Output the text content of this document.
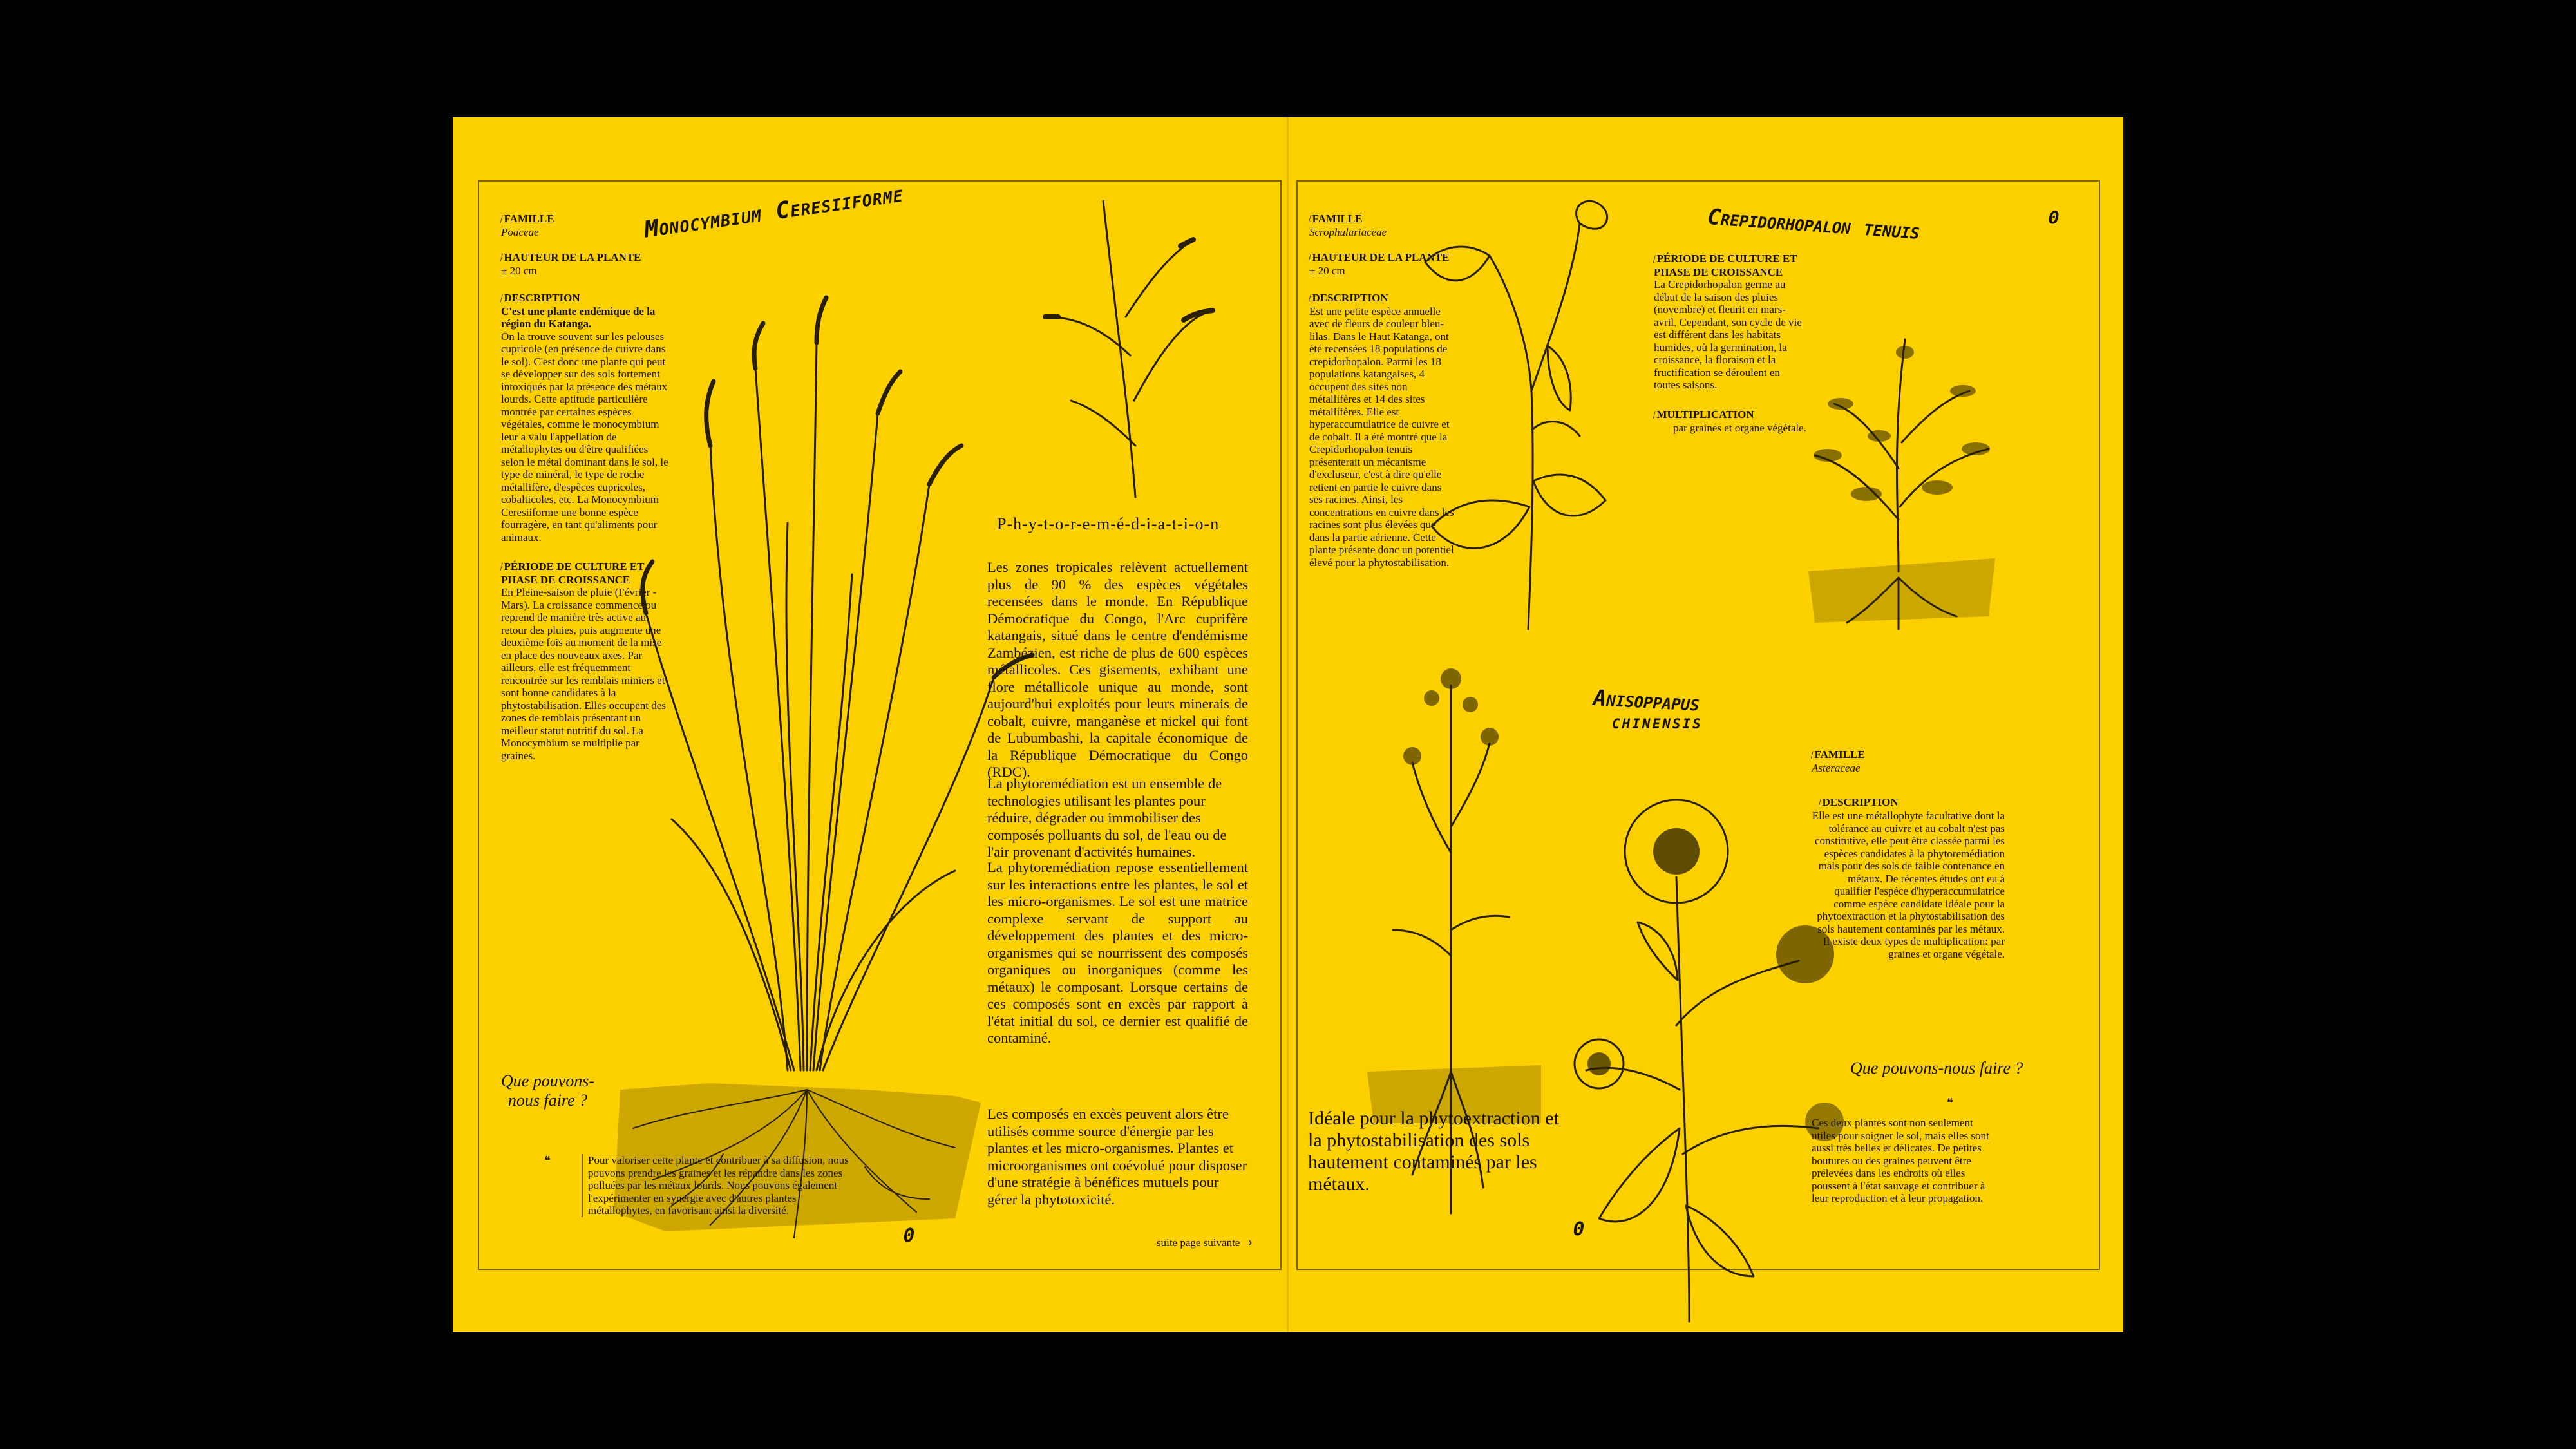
⁄FAMILLE
Poaceae
⁄HAUTEUR DE LA PLANTE
± 20 cm
⁄DESCRIPTION
C'est une plante endémique de la région du Katanga.
On la trouve souvent sur les pelouses cupricole (en présence de cuivre dans le sol). C'est donc une plante qui peut se développer sur des sols fortement intoxiqués par la présence des métaux lourds. Cette aptitude particulière montrée par certaines espèces végétales, comme le monocymbium leur a valu l'appellation de métallophytes ou d'être qualifiées selon le métal dominant dans le sol, le type de minéral, le type de roche métallifère, d'espèces cupricoles, cobalticoles, etc. La Monocymbium Ceresiiforme une bonne espèce fourragère, en tant qu'aliments pour animaux.
⁄PÉRIODE DE CULTURE ET PHASE DE CROISSANCE
En Pleine-saison de pluie (Février - Mars). La croissance commence ou reprend de manière très active au retour des pluies, puis augmente une deuxième fois au moment de la mise en place des nouveaux axes. Par ailleurs, elle est fréquemment rencontrée sur les remblais miniers et sont bonne candidates à la phytostabilisation. Elles occupent des zones de remblais présentant un meilleur statut nutritif du sol. La Monocymbium se multiplie par graines.
Monocymbium Ceresiiforme
P-h-y-t-o-r-e-m-é-d-i-a-t-i-o-n
Les zones tropicales relèvent actuellement plus de 90 % des espèces végétales recensées dans le monde. En République Démocratique du Congo, l'Arc cuprifère katangais, situé dans le centre d'endémisme Zambézien, est riche de plus de 600 espèces métallicoles. Ces gisements, exhibant une flore métallicole unique au monde, sont aujourd'hui exploités pour leurs minerais de cobalt, cuivre, manganèse et nickel qui font de Lubumbashi, la capitale économique de la République Démocratique du Congo (RDC).
La phytoremédiation est un ensemble de technologies utilisant les plantes pour réduire, dégrader ou immobiliser des composés polluants du sol, de l'eau ou de l'air provenant d'activités humaines.
La phytoremédiation repose essentiellement sur les interactions entre les plantes, le sol et les micro-organismes. Le sol est une matrice complexe servant de support au développement des plantes et des micro-organismes qui se nourrissent des composés organiques ou inorganiques (comme les métaux) le composant. Lorsque certains de ces composés sont en excès par rapport à l'état initial du sol, ce dernier est qualifié de contaminé.
Les composés en excès peuvent alors être utilisés comme source d'énergie par les plantes et les micro-organismes. Plantes et microorganismes ont coévolué pour disposer d'une stratégie à bénéfices mutuels pour gérer la phytotoxicité.
suite page suivante ›
Que pouvons-nous faire ?
❝	Pour valoriser cette plante et contribuer à sa diffusion, nous pouvons prendre les graines et les répandre dans les zones polluées par les métaux lourds. Nous pouvons également l'expérimenter en synergie avec d'autres plantes métallophytes, en favorisant ainsi la diversité.
ϑ
⁄FAMILLE
Scrophulariaceae
⁄HAUTEUR DE LA PLANTE
± 20 cm
⁄DESCRIPTION
Est une petite espèce annuelle avec de fleurs de couleur bleu-lilas. Dans le Haut Katanga, ont été recensées 18 populations de crepidorhopalon. Parmi les 18 populations katangaises, 4 occupent des sites non métallifères et 14 des sites métallifères. Elle est hyperaccumulatrice de cuivre et de cobalt. Il a été montré que la Crepidorhopalon tenuis présenterait un mécanisme d'excluseur, c'est à dire qu'elle retient en partie le cuivre dans ses racines. Ainsi, les concentrations en cuivre dans les racines sont plus élevées que dans la partie aérienne. Cette plante présente donc un potentiel élevé pour la phytostabilisation.
Crepidorhopalon tenuis	ϑ
⁄PÉRIODE DE CULTURE ET PHASE DE CROISSANCE
La Crepidorhopalon germe au début de la saison des pluies (novembre) et fleurit en mars-avril. Cependant, son cycle de vie est différent dans les habitats humides, où la germination, la croissance, la floraison et la fructification se déroulent en toutes saisons.
⁄MULTIPLICATION
par graines et organe végétale.
Anisoppapus
chinensis
⁄FAMILLE
Asteraceae
⁄DESCRIPTION
Elle est une métallophyte facultative dont la tolérance au cuivre et au cobalt n'est pas constitutive, elle peut être classée parmi les espèces candidates à la phytoremédiation mais pour des sols de faible contenance en métaux. De récentes études ont eu à qualifier l'espèce d'hyperaccumulatrice comme espèce candidate idéale pour la phytoextraction et la phytostabilisation des sols hautement contaminés par les métaux. Il existe deux types de multiplication: par graines et organe végétale.
Que pouvons-nous faire ?
❝
Ces deux plantes sont non seulement utiles pour soigner le sol, mais elles sont aussi très belles et délicates. De petites boutures ou des graines peuvent être prélevées dans les endroits où elles poussent à l'état sauvage et contribuer à leur reproduction et à leur propagation.
Idéale pour la phytoextraction et la phytostabilisation des sols hautement contaminés par les métaux.
ϑ
